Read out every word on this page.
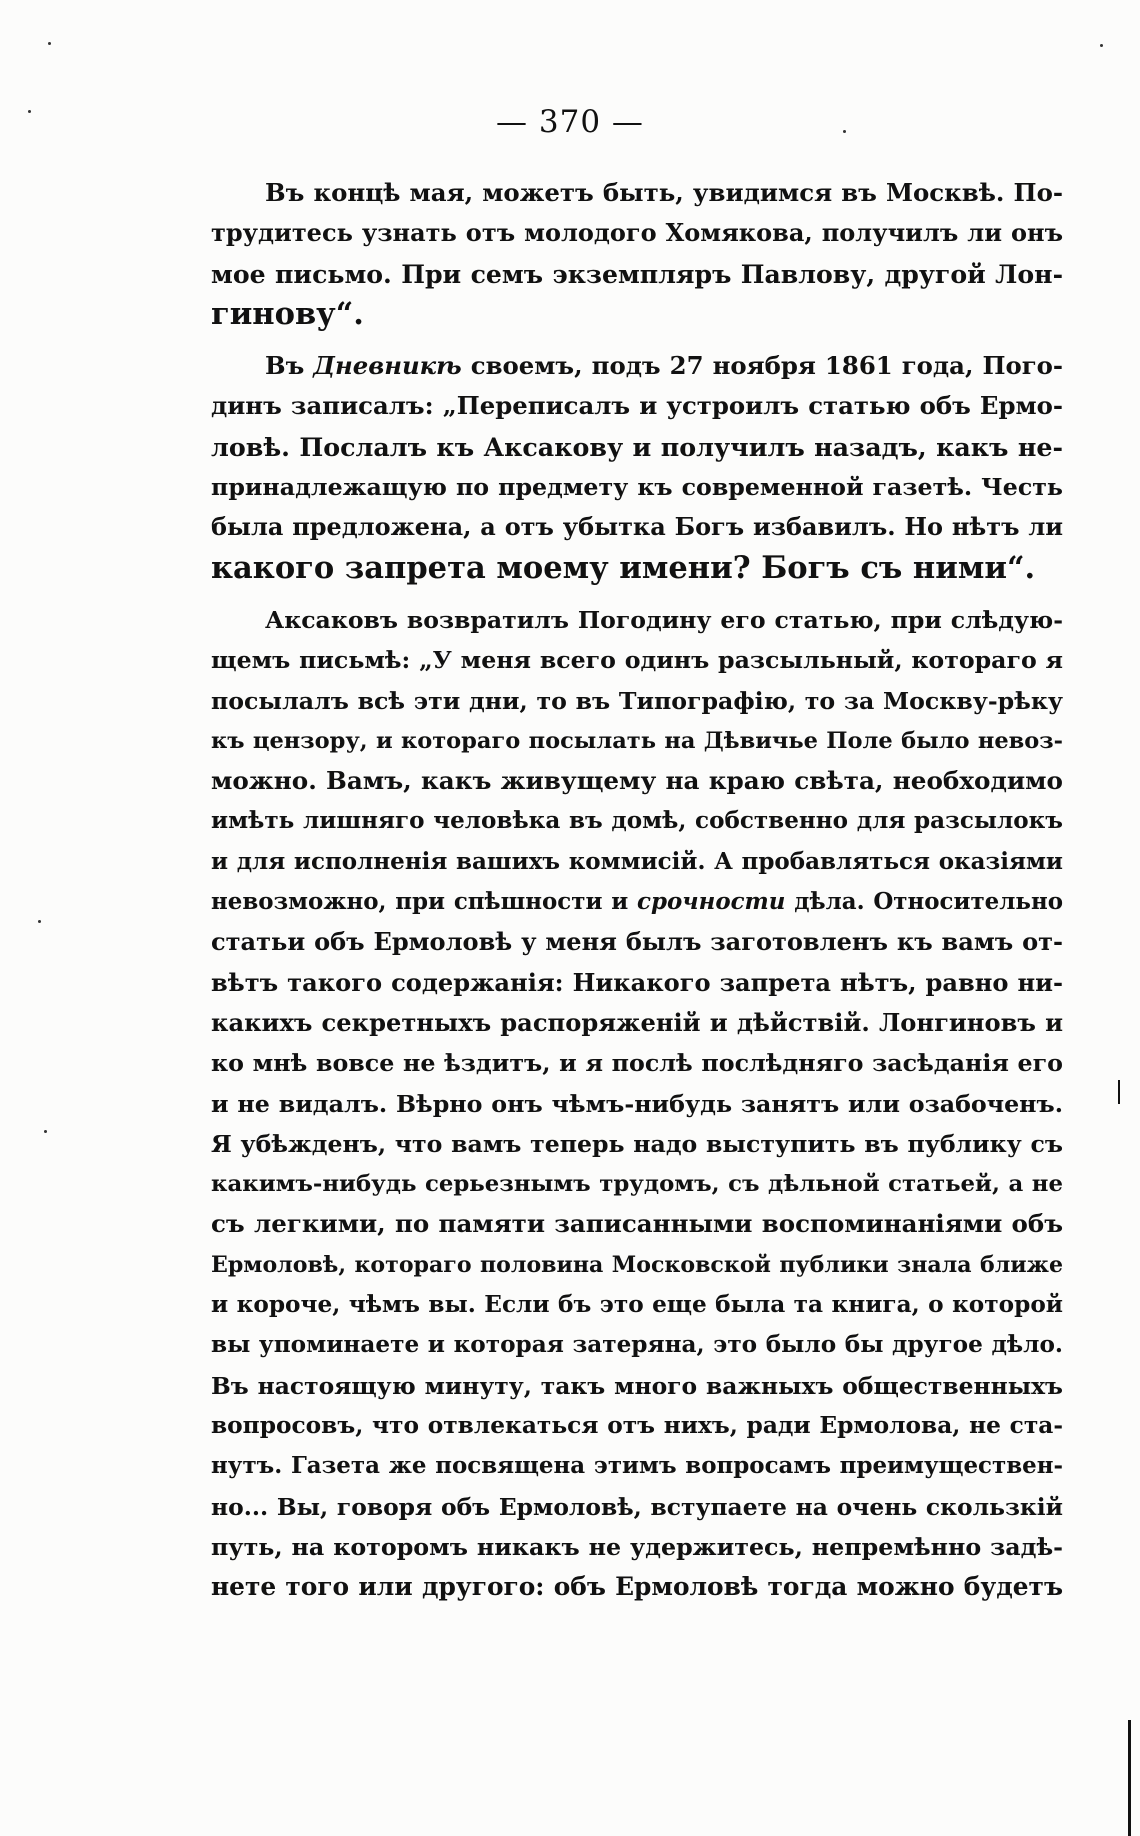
— 370 —
Въ концѣ мая, можетъ быть, увидимся въ Москвѣ. По-
трудитесь узнать отъ молодого Хомякова, получилъ ли онъ
мое письмо. При семъ экземпляръ Павлову, другой Лон-
гинову“.
Въ Дневникѣ своемъ, подъ 27 ноября 1861 года, Пого-
динъ записалъ: „Переписалъ и устроилъ статью объ Ермо-
ловѣ. Послалъ къ Аксакову и получилъ назадъ, какъ не-
принадлежащую по предмету къ современной газетѣ. Честь
была предложена, а отъ убытка Богъ избавилъ. Но нѣтъ ли
какого запрета моему имени? Богъ съ ними“.
Аксаковъ возвратилъ Погодину его статью, при слѣдую-
щемъ письмѣ: „У меня всего одинъ разсыльный, котораго я
посылалъ всѣ эти дни, то въ Типографію, то за Москву-рѣку
къ цензору, и котораго посылать на Дѣвичье Поле было невоз-
можно. Вамъ, какъ живущему на краю свѣта, необходимо
имѣть лишняго человѣка въ домѣ, собственно для разсылокъ
и для исполненія вашихъ коммисій. А пробавляться оказіями
невозможно, при спѣшности и срочности дѣла. Относительно
статьи объ Ермоловѣ у меня былъ заготовленъ къ вамъ от-
вѣтъ такого содержанія: Никакого запрета нѣтъ, равно ни-
какихъ секретныхъ распоряженій и дѣйствій. Лонгиновъ и
ко мнѣ вовсе не ѣздитъ, и я послѣ послѣдняго засѣданія его
и не видалъ. Вѣрно онъ чѣмъ-нибудь занятъ или озабоченъ.
Я убѣжденъ, что вамъ теперь надо выступить въ публику съ
какимъ-нибудь серьезнымъ трудомъ, съ дѣльной статьей, а не
съ легкими, по памяти записанными воспоминаніями объ
Ермоловѣ, котораго половина Московской публики знала ближе
и короче, чѣмъ вы. Если бъ это еще была та книга, о которой
вы упоминаете и которая затеряна, это было бы другое дѣло.
Въ настоящую минуту, такъ много важныхъ общественныхъ
вопросовъ, что отвлекаться отъ нихъ, ради Ермолова, не ста-
нутъ. Газета же посвящена этимъ вопросамъ преимуществен-
но... Вы, говоря объ Ермоловѣ, вступаете на очень скользкій
путь, на которомъ никакъ не удержитесь, непремѣнно задѣ-
нете того или другого: объ Ермоловѣ тогда можно будетъ
